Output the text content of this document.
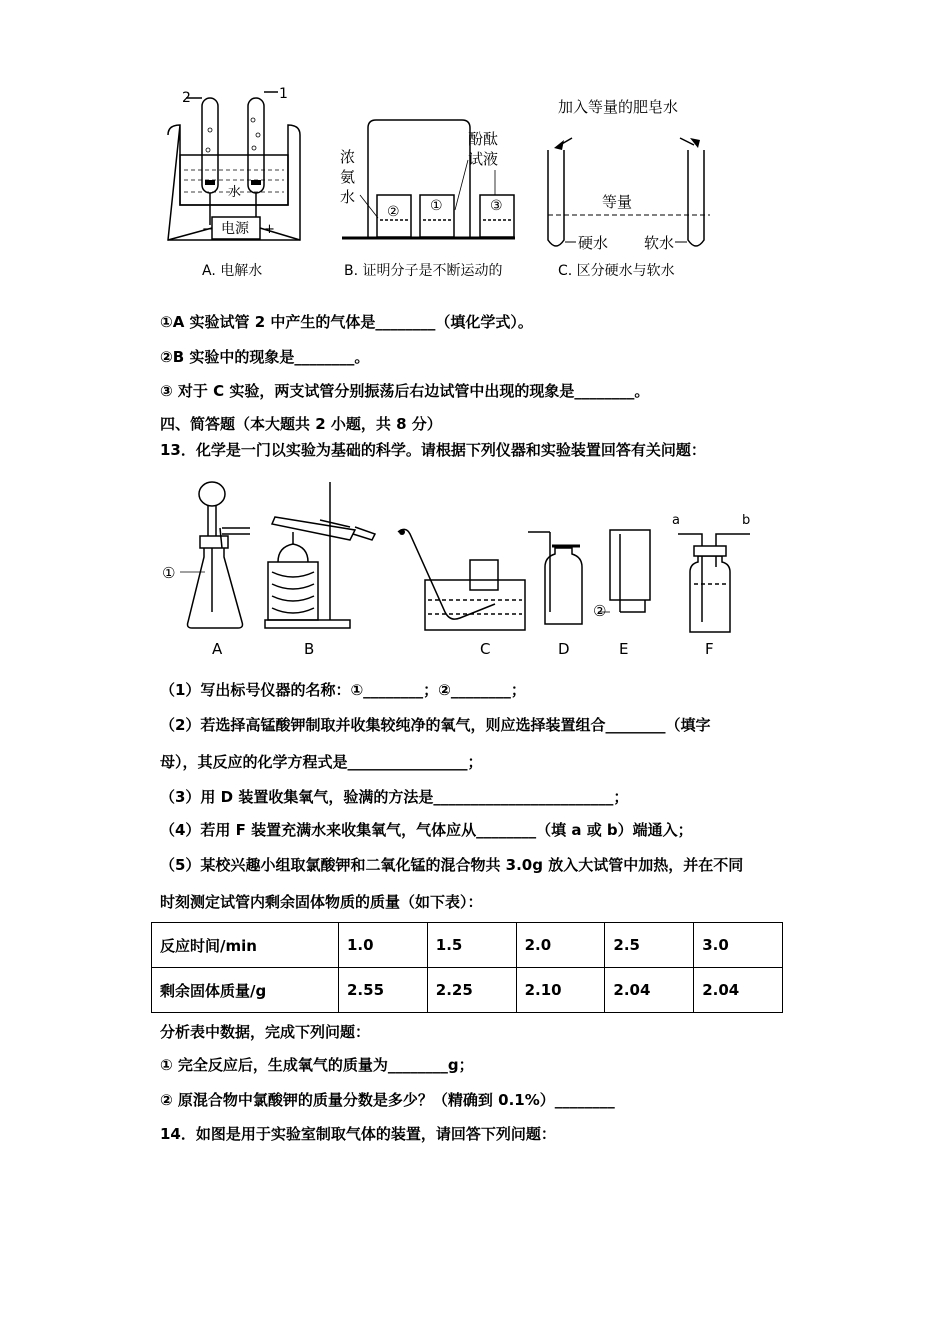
2	1
水
电源
−	+
A. 电解水
浓氨水
酚酞试液
② ①	③
B. 证明分子是不断运动的
加入等量的肥皂水
等量
硬水 软水
C. 区分硬水与软水
①A 实验试管 2 中产生的气体是________（填化学式）。
②B 实验中的现象是________。
③ 对于 C 实验，两支试管分别振荡后右边试管中出现的现象是________。
四、简答题（本大题共 2 小题，共 8 分）
13．化学是一门以实验为基础的科学。请根据下列仪器和实验装置回答有关问题：
①
②
a	b
A	B	C	D	E	F
（1）写出标号仪器的名称：①________；②________；
（2）若选择高锰酸钾制取并收集较纯净的氧气，则应选择装置组合________（填字
母），其反应的化学方程式是________________；
（3）用 D 装置收集氧气，验满的方法是________________________；
（4）若用 F 装置充满水来收集氧气，气体应从________（填 a 或 b）端通入；
（5）某校兴趣小组取氯酸钾和二氧化锰的混合物共 3.0g 放入大试管中加热，并在不同
时刻测定试管内剩余固体物质的质量（如下表）：
反应时间/min	1.0	1.5	2.0	2.5	3.0
剩余固体质量/g	2.55	2.25	2.10	2.04	2.04
分析表中数据，完成下列问题：
① 完全反应后，生成氧气的质量为________g；
② 原混合物中氯酸钾的质量分数是多少？（精确到 0.1%）________
14．如图是用于实验室制取气体的装置，请回答下列问题：
